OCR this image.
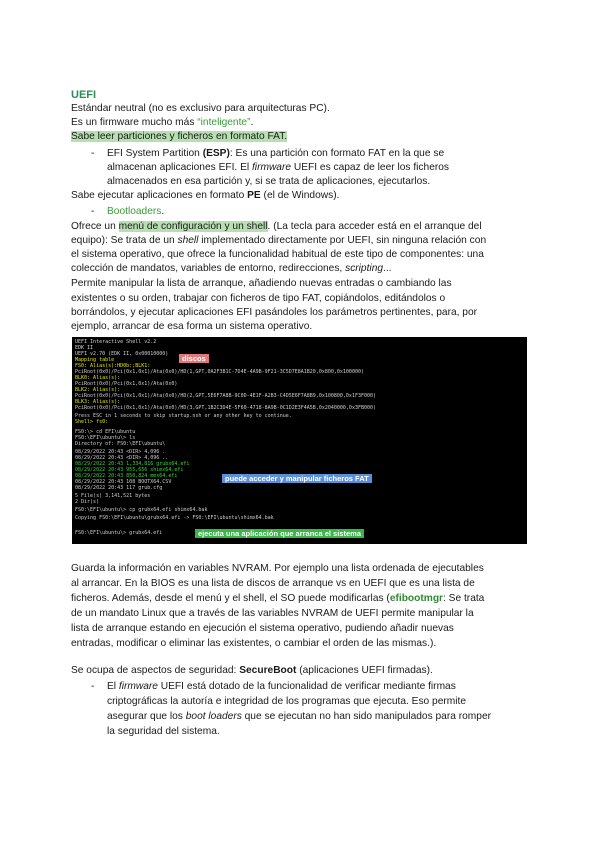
UEFI
Estándar neutral (no es exclusivo para arquitecturas PC).
Es un firmware mucho más “inteligente”.
Sabe leer particiones y ficheros en formato FAT.
- EFI System Partition (ESP): Es una partición con formato FAT en la que se
almacenan aplicaciones EFI. El firmware UEFI es capaz de leer los ficheros
almacenados en esa partición y, si se trata de aplicaciones, ejecutarlos.
Sabe ejecutar aplicaciones en formato PE (el de Windows).
- Bootloaders.
Ofrece un menú de configuración y un shell. (La tecla para acceder está en el arranque del
equipo): Se trata de un shell implementado directamente por UEFI, sin ninguna relación con
el sistema operativo, que ofrece la funcionalidad habitual de este tipo de componentes: una
colección de mandatos, variables de entorno, redirecciones, scripting...
Permite manipular la lista de arranque, añadiendo nuevas entradas o cambiando las
existentes o su orden, trabajar con ficheros de tipo FAT, copiándolos, editándolos o
borrándolos, y ejecutar aplicaciones EFI pasándoles los parámetros pertinentes, para, por
ejemplo, arrancar de esa forma un sistema operativo.
UEFI Interactive Shell v2.2
EDK II
UEFI v2.70 (EDK II, 0x00010000)
Mapping table
FS0: Alias(s):HD0b:;BLK1:
PciRoot(0x0)/Pci(0x1,0x1)/Ata(0x0)/HD(1,GPT,0A2F3B1C-7D4E-4A9B-9F21-3C5D7E8A1B20,0x800,0x100000)
BLK0: Alias(s):
PciRoot(0x0)/Pci(0x1,0x1)/Ata(0x0)
BLK2: Alias(s):
PciRoot(0x0)/Pci(0x1,0x1)/Ata(0x0)/HD(2,GPT,5E6F7A8B-9C0D-4E1F-A2B3-C4D5E6F7A8B9,0x100800,0x1F3F000)
BLK3: Alias(s):
PciRoot(0x0)/Pci(0x1,0x1)/Ata(0x0)/HD(3,GPT,1B2C3D4E-5F60-4718-8A9B-0C1D2E3F4A5B,0x2040000,0x3FB000)
Press ESC in 1 seconds to skip startup.nsh or any other key to continue.
Shell> fs0:
FS0:\> cd EFI\ubuntu
FS0:\EFI\ubuntu\> ls
Directory of: FS0:\EFI\ubuntu\
08/29/2022 20:43 <DIR> 4,096 .
08/29/2022 20:43 <DIR> 4,096 ..
08/29/2022 20:43 1,334,816 grubx64.efi
08/29/2022 20:43 955,656 shimx64.efi
08/29/2022 20:43 850,824 mmx64.efi
08/29/2022 20:43 108 BOOTX64.CSV
08/29/2022 20:43 117 grub.cfg
5 File(s) 3,141,521 bytes
2 Dir(s)
FS0:\EFI\ubuntu\> cp grubx64.efi shimx64.bak
Copying FS0:\EFI\ubuntu\grubx64.efi -> FS0:\EFI\ubuntu\shimx64.bak
FS0:\EFI\ubuntu\> grubx64.efi
discos
puede acceder y manipular ficheros FAT
ejecuta una aplicación que arranca el sistema
Guarda la información en variables NVRAM. Por ejemplo una lista ordenada de ejecutables
al arrancar. En la BIOS es una lista de discos de arranque vs en UEFI que es una lista de
ficheros. Además, desde el menú y el shell, el SO puede modificarlas (efibootmgr: Se trata
de un mandato Linux que a través de las variables NVRAM de UEFI permite manipular la
lista de arranque estando en ejecución el sistema operativo, pudiendo añadir nuevas
entradas, modificar o eliminar las existentes, o cambiar el orden de las mismas.).
Se ocupa de aspectos de seguridad: SecureBoot (aplicaciones UEFI firmadas).
- El firmware UEFI está dotado de la funcionalidad de verificar mediante firmas
criptográficas la autoría e integridad de los programas que ejecuta. Eso permite
asegurar que los boot loaders que se ejecutan no han sido manipulados para romper
la seguridad del sistema.
